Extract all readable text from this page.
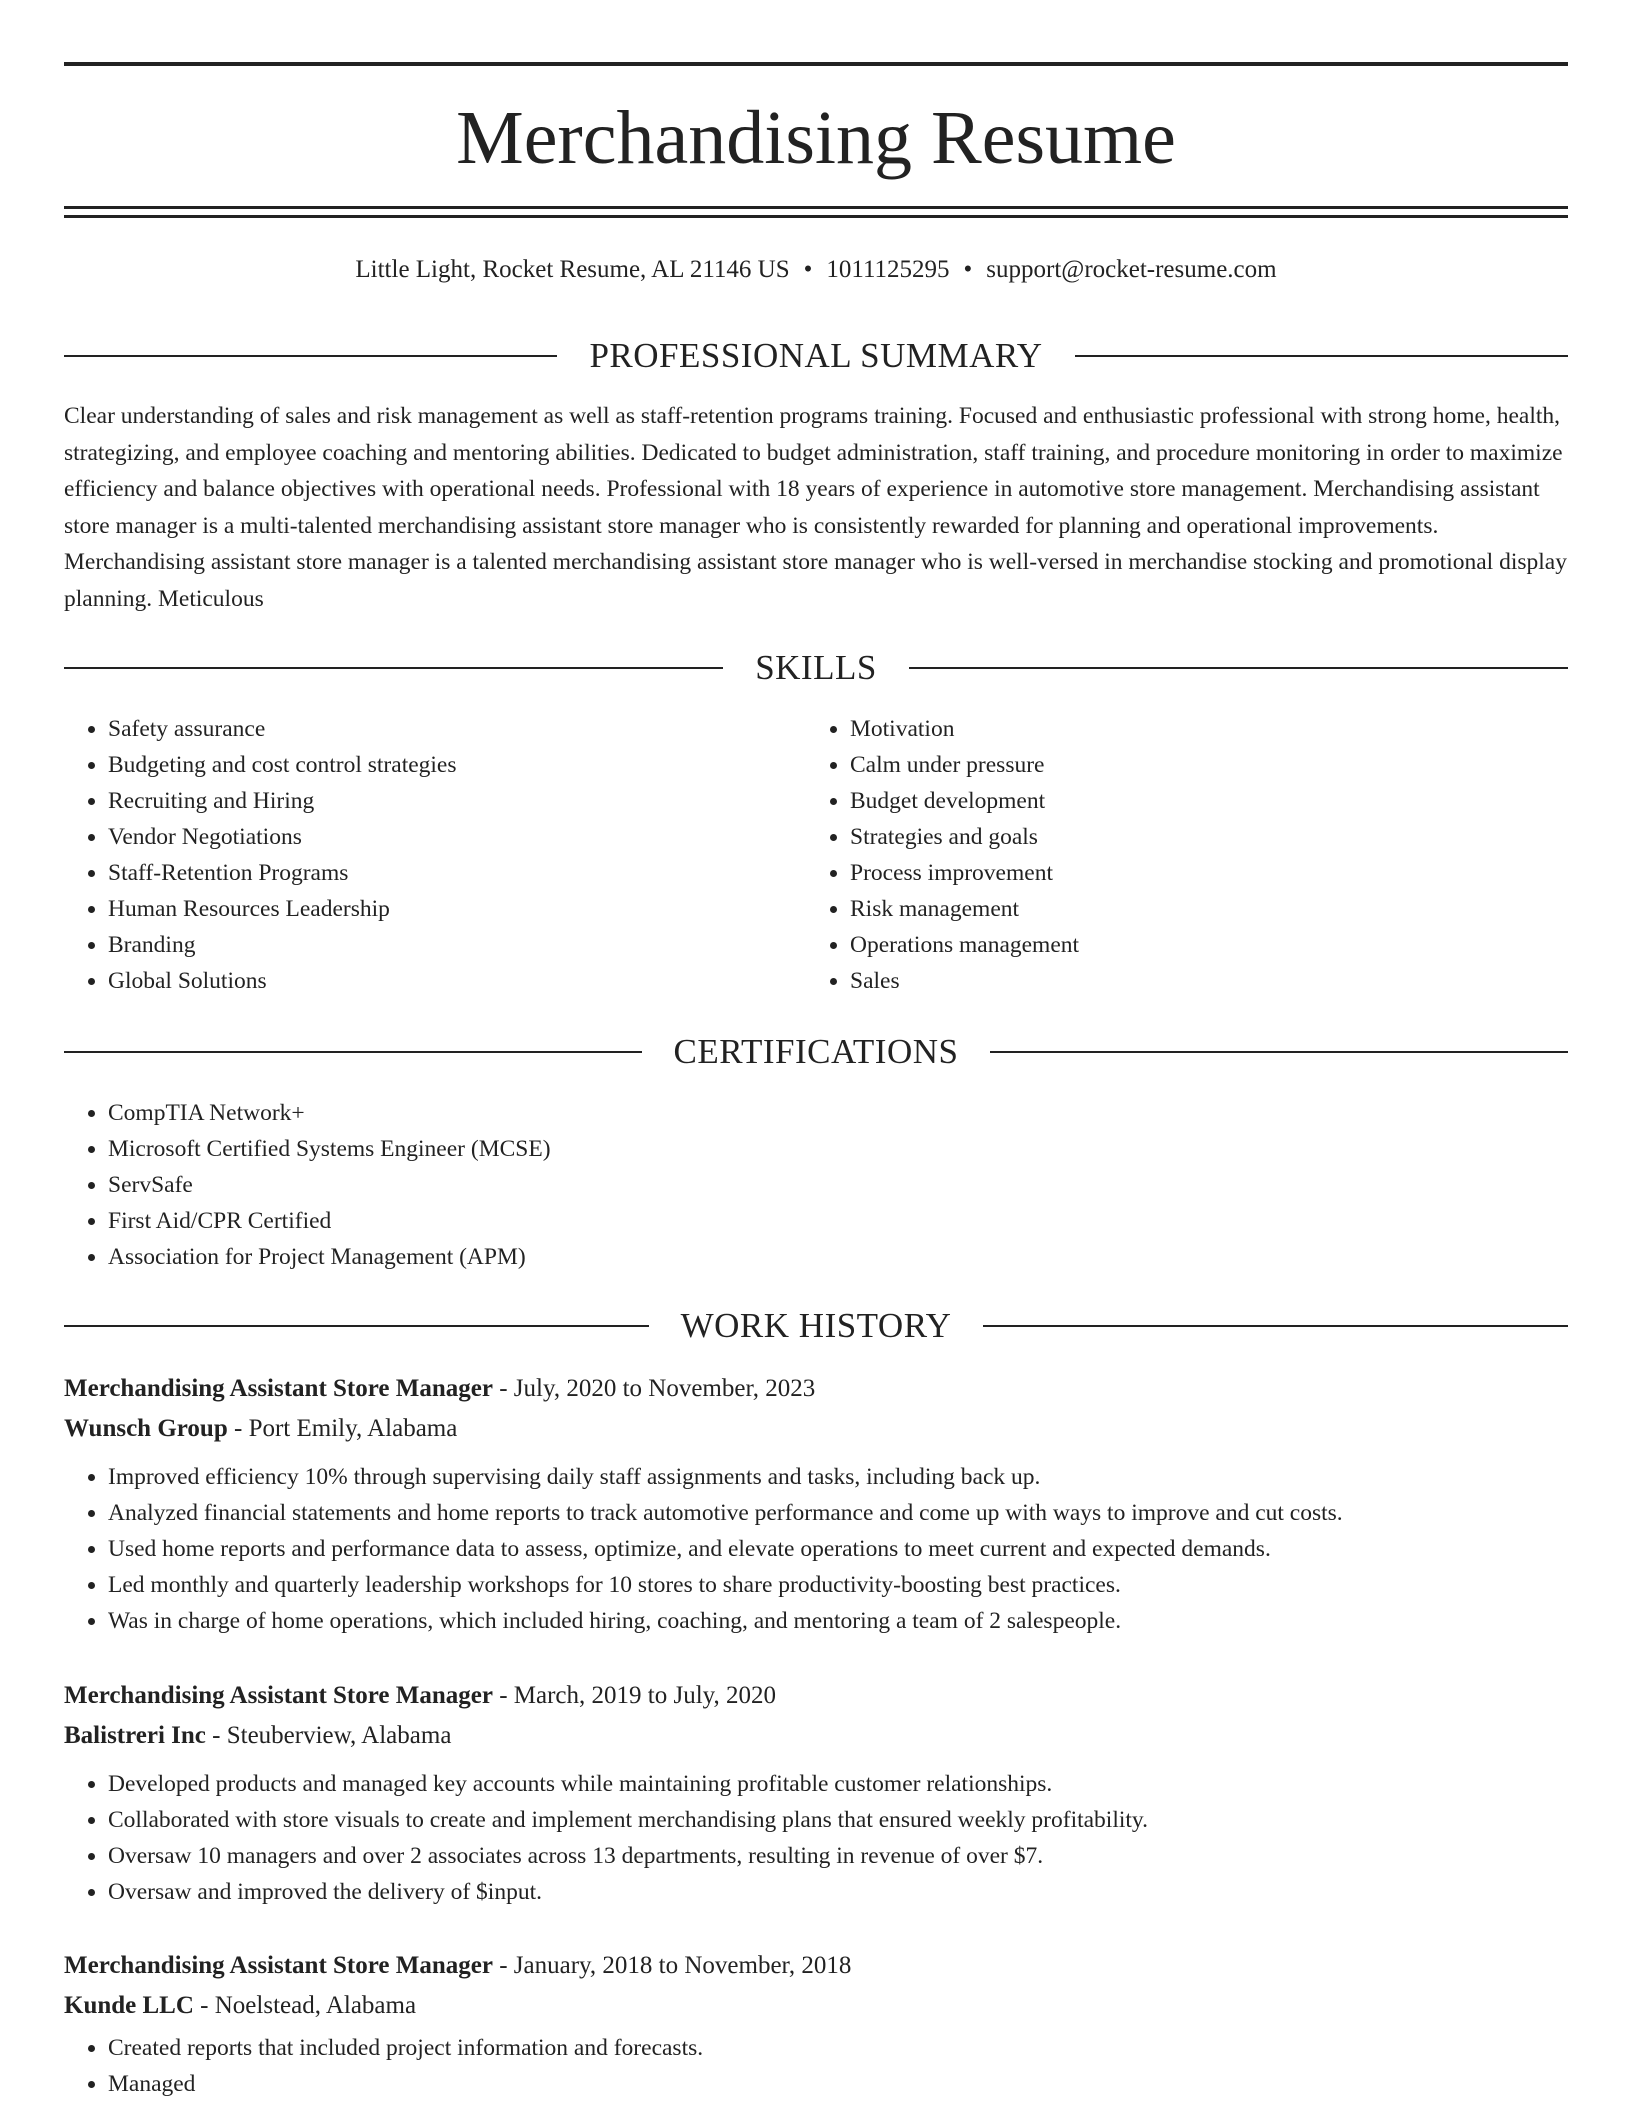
Merchandising Resume
Little Light, Rocket Resume, AL 21146 US • 1011125295 • support@rocket-resume.com
PROFESSIONAL SUMMARY

Clear understanding of sales and risk management as well as staff-retention programs training. Focused and enthusiastic professional with strong home, health, strategizing, and employee coaching and mentoring abilities. Dedicated to budget administration, staff training, and procedure monitoring in order to maximize efficiency and balance objectives with operational needs. Professional with 18 years of experience in automotive store management. Merchandising assistant store manager is a multi-talented merchandising assistant store manager who is consistently rewarded for planning and operational improvements. Merchandising assistant store manager is a talented merchandising assistant store manager who is well-versed in merchandise stocking and promotional display planning. Meticulous

SKILLS
• Safety assurance
• Budgeting and cost control strategies
• Recruiting and Hiring
• Vendor Negotiations
• Staff-Retention Programs
• Human Resources Leadership
• Branding
• Global Solutions
• Motivation
• Calm under pressure
• Budget development
• Strategies and goals
• Process improvement
• Risk management
• Operations management
• Sales
CERTIFICATIONS
• CompTIA Network+
• Microsoft Certified Systems Engineer (MCSE)
• ServSafe
• First Aid/CPR Certified
• Association for Project Management (APM)
WORK HISTORY
Merchandising Assistant Store Manager - July, 2020 to November, 2023
Wunsch Group - Port Emily, Alabama
• Improved efficiency 10% through supervising daily staff assignments and tasks, including back up.
• Analyzed financial statements and home reports to track automotive performance and come up with ways to improve and cut costs.
• Used home reports and performance data to assess, optimize, and elevate operations to meet current and expected demands.
• Led monthly and quarterly leadership workshops for 10 stores to share productivity-boosting best practices.
• Was in charge of home operations, which included hiring, coaching, and mentoring a team of 2 salespeople.
Merchandising Assistant Store Manager - March, 2019 to July, 2020
Balistreri Inc - Steuberview, Alabama
• Developed products and managed key accounts while maintaining profitable customer relationships.
• Collaborated with store visuals to create and implement merchandising plans that ensured weekly profitability.
• Oversaw 10 managers and over 2 associates across 13 departments, resulting in revenue of over $7.
• Oversaw and improved the delivery of $input.
Merchandising Assistant Store Manager - January, 2018 to November, 2018
Kunde LLC - Noelstead, Alabama
• Created reports that included project information and forecasts.
• Managed
